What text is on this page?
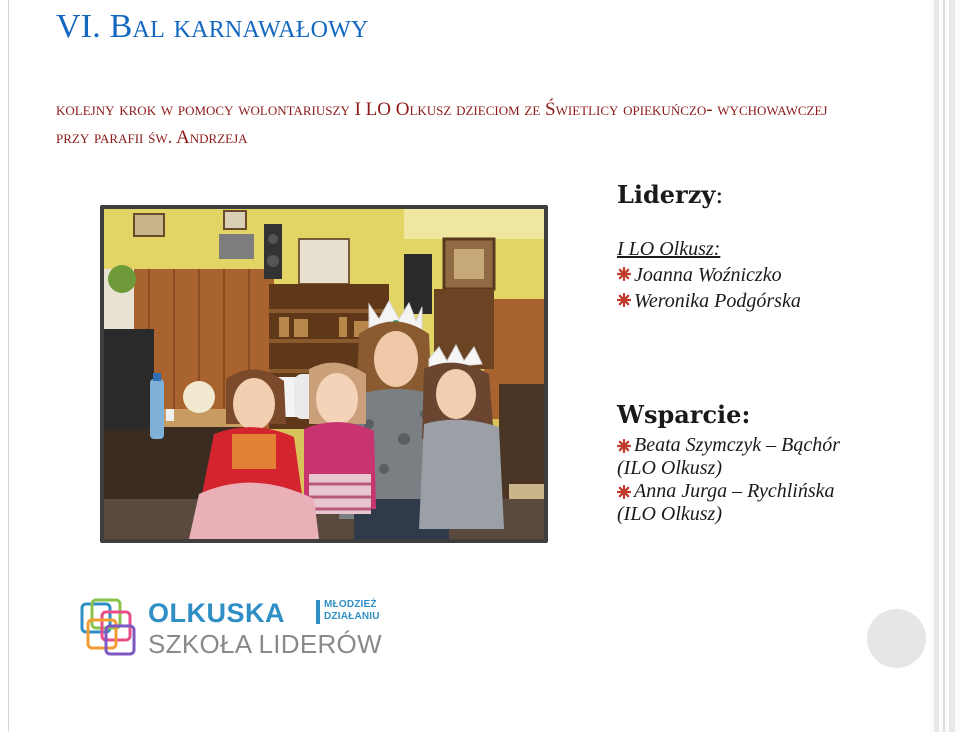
VI. Bal karnawałowy
kolejny krok w pomocy wolontariuszy I LO Olkusz dzieciom ze Świetlicy opiekuńczo- wychowawczej przy parafii św. Andrzeja
Liderzy:
I LO Olkusz:
Joanna Woźniczko
Weronika Podgórska
Wsparcie:
Beata Szymczyk – Bąchór
(ILO Olkusz)
Anna Jurga – Rychlińska
(ILO Olkusz)
OLKUSKA	MŁODZIEŻ
DZIAŁANIU
SZKOŁA LIDERÓW
